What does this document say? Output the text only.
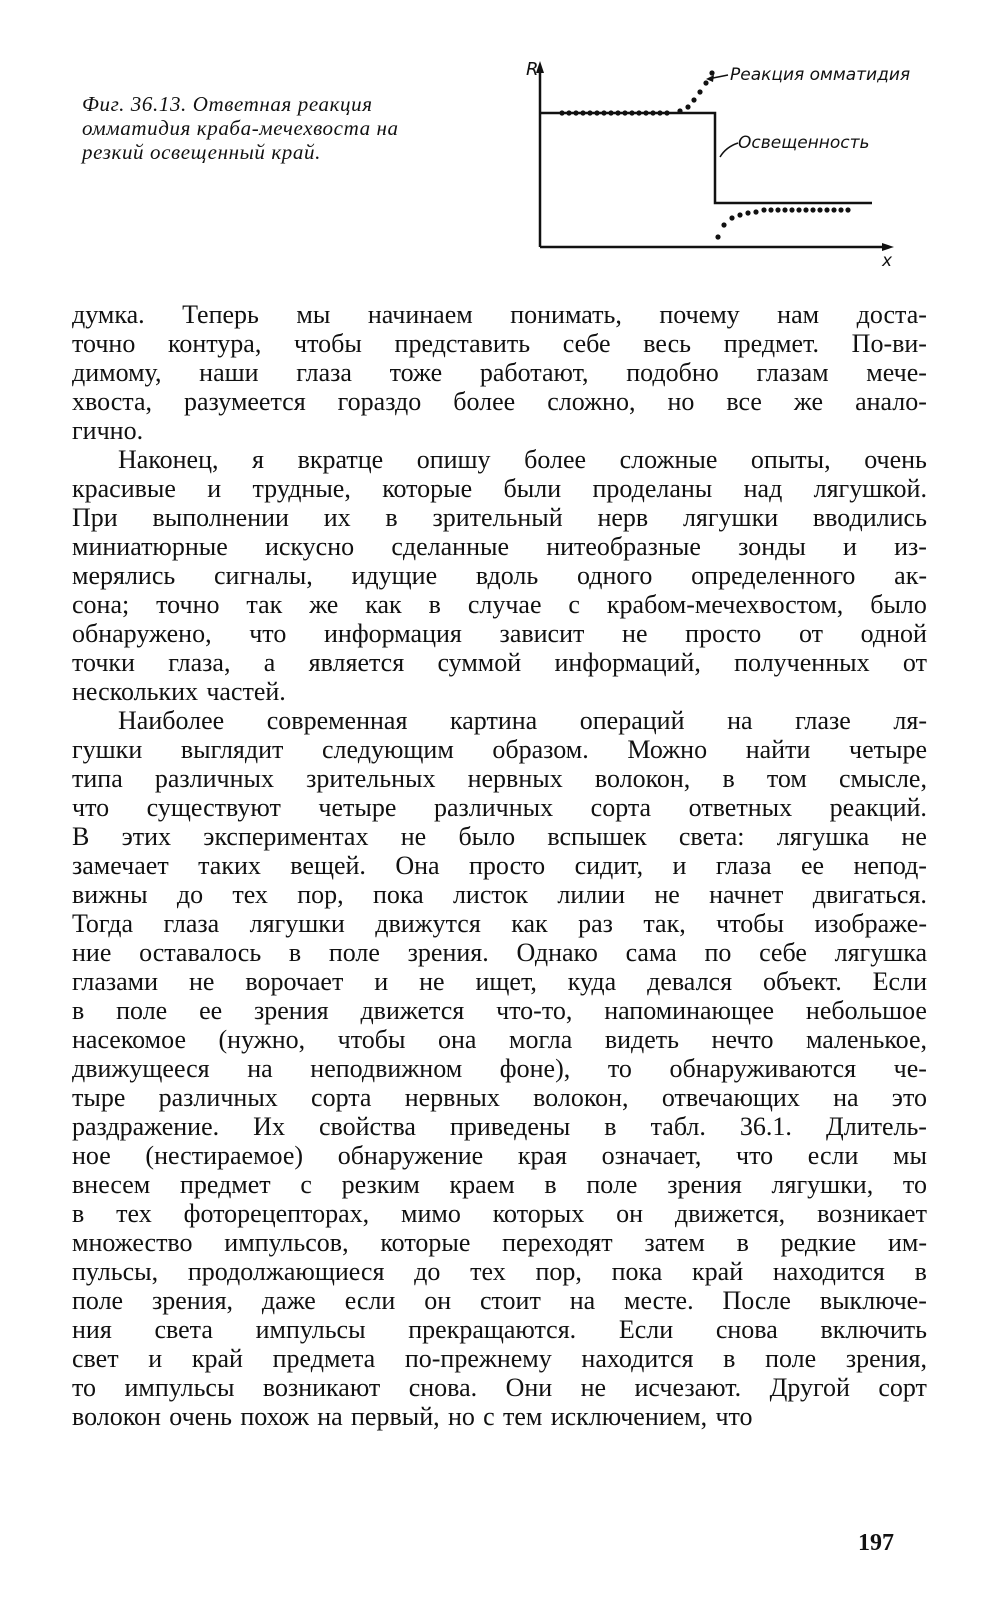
Фиг. 36.13. Ответная реакция
омматидия краба-мечехвоста на
резкий освещенный край.
R
x
Реакция омматидия
Освещенность
думка. Теперь мы начинаем понимать, почему нам доста-
точно контура, чтобы представить себе весь предмет. По-ви-
димому, наши глаза тоже работают, подобно глазам мече-
хвоста, разумеется гораздо более сложно, но все же анало-
гично.
Наконец, я вкратце опишу более сложные опыты, очень
красивые и трудные, которые были проделаны над лягушкой.
При выполнении их в зрительный нерв лягушки вводились
миниатюрные искусно сделанные нитеобразные зонды и из-
мерялись сигналы, идущие вдоль одного определенного ак-
сона; точно так же как в случае с крабом-мечехвостом, было
обнаружено, что информация зависит не просто от одной
точки глаза, а является суммой информаций, полученных от
нескольких частей.
Наиболее современная картина операций на глазе ля-
гушки выглядит следующим образом. Можно найти четыре
типа различных зрительных нервных волокон, в том смысле,
что существуют четыре различных сорта ответных реакций.
В этих экспериментах не было вспышек света: лягушка не
замечает таких вещей. Она просто сидит, и глаза ее непод-
вижны до тех пор, пока листок лилии не начнет двигаться.
Тогда глаза лягушки движутся как раз так, чтобы изображе-
ние оставалось в поле зрения. Однако сама по себе лягушка
глазами не ворочает и не ищет, куда девался объект. Если
в поле ее зрения движется что-то, напоминающее небольшое
насекомое (нужно, чтобы она могла видеть нечто маленькое,
движущееся на неподвижном фоне), то обнаруживаются че-
тыре различных сорта нервных волокон, отвечающих на это
раздражение. Их свойства приведены в табл. 36.1. Длитель-
ное (нестираемое) обнаружение края означает, что если мы
внесем предмет с резким краем в поле зрения лягушки, то
в тех фоторецепторах, мимо которых он движется, возникает
множество импульсов, которые переходят затем в редкие им-
пульсы, продолжающиеся до тех пор, пока край находится в
поле зрения, даже если он стоит на месте. После выключе-
ния света импульсы прекращаются. Если снова включить
свет и край предмета по-прежнему находится в поле зрения,
то импульсы возникают снова. Они не исчезают. Другой сорт
волокон очень похож на первый, но с тем исключением, что
197
